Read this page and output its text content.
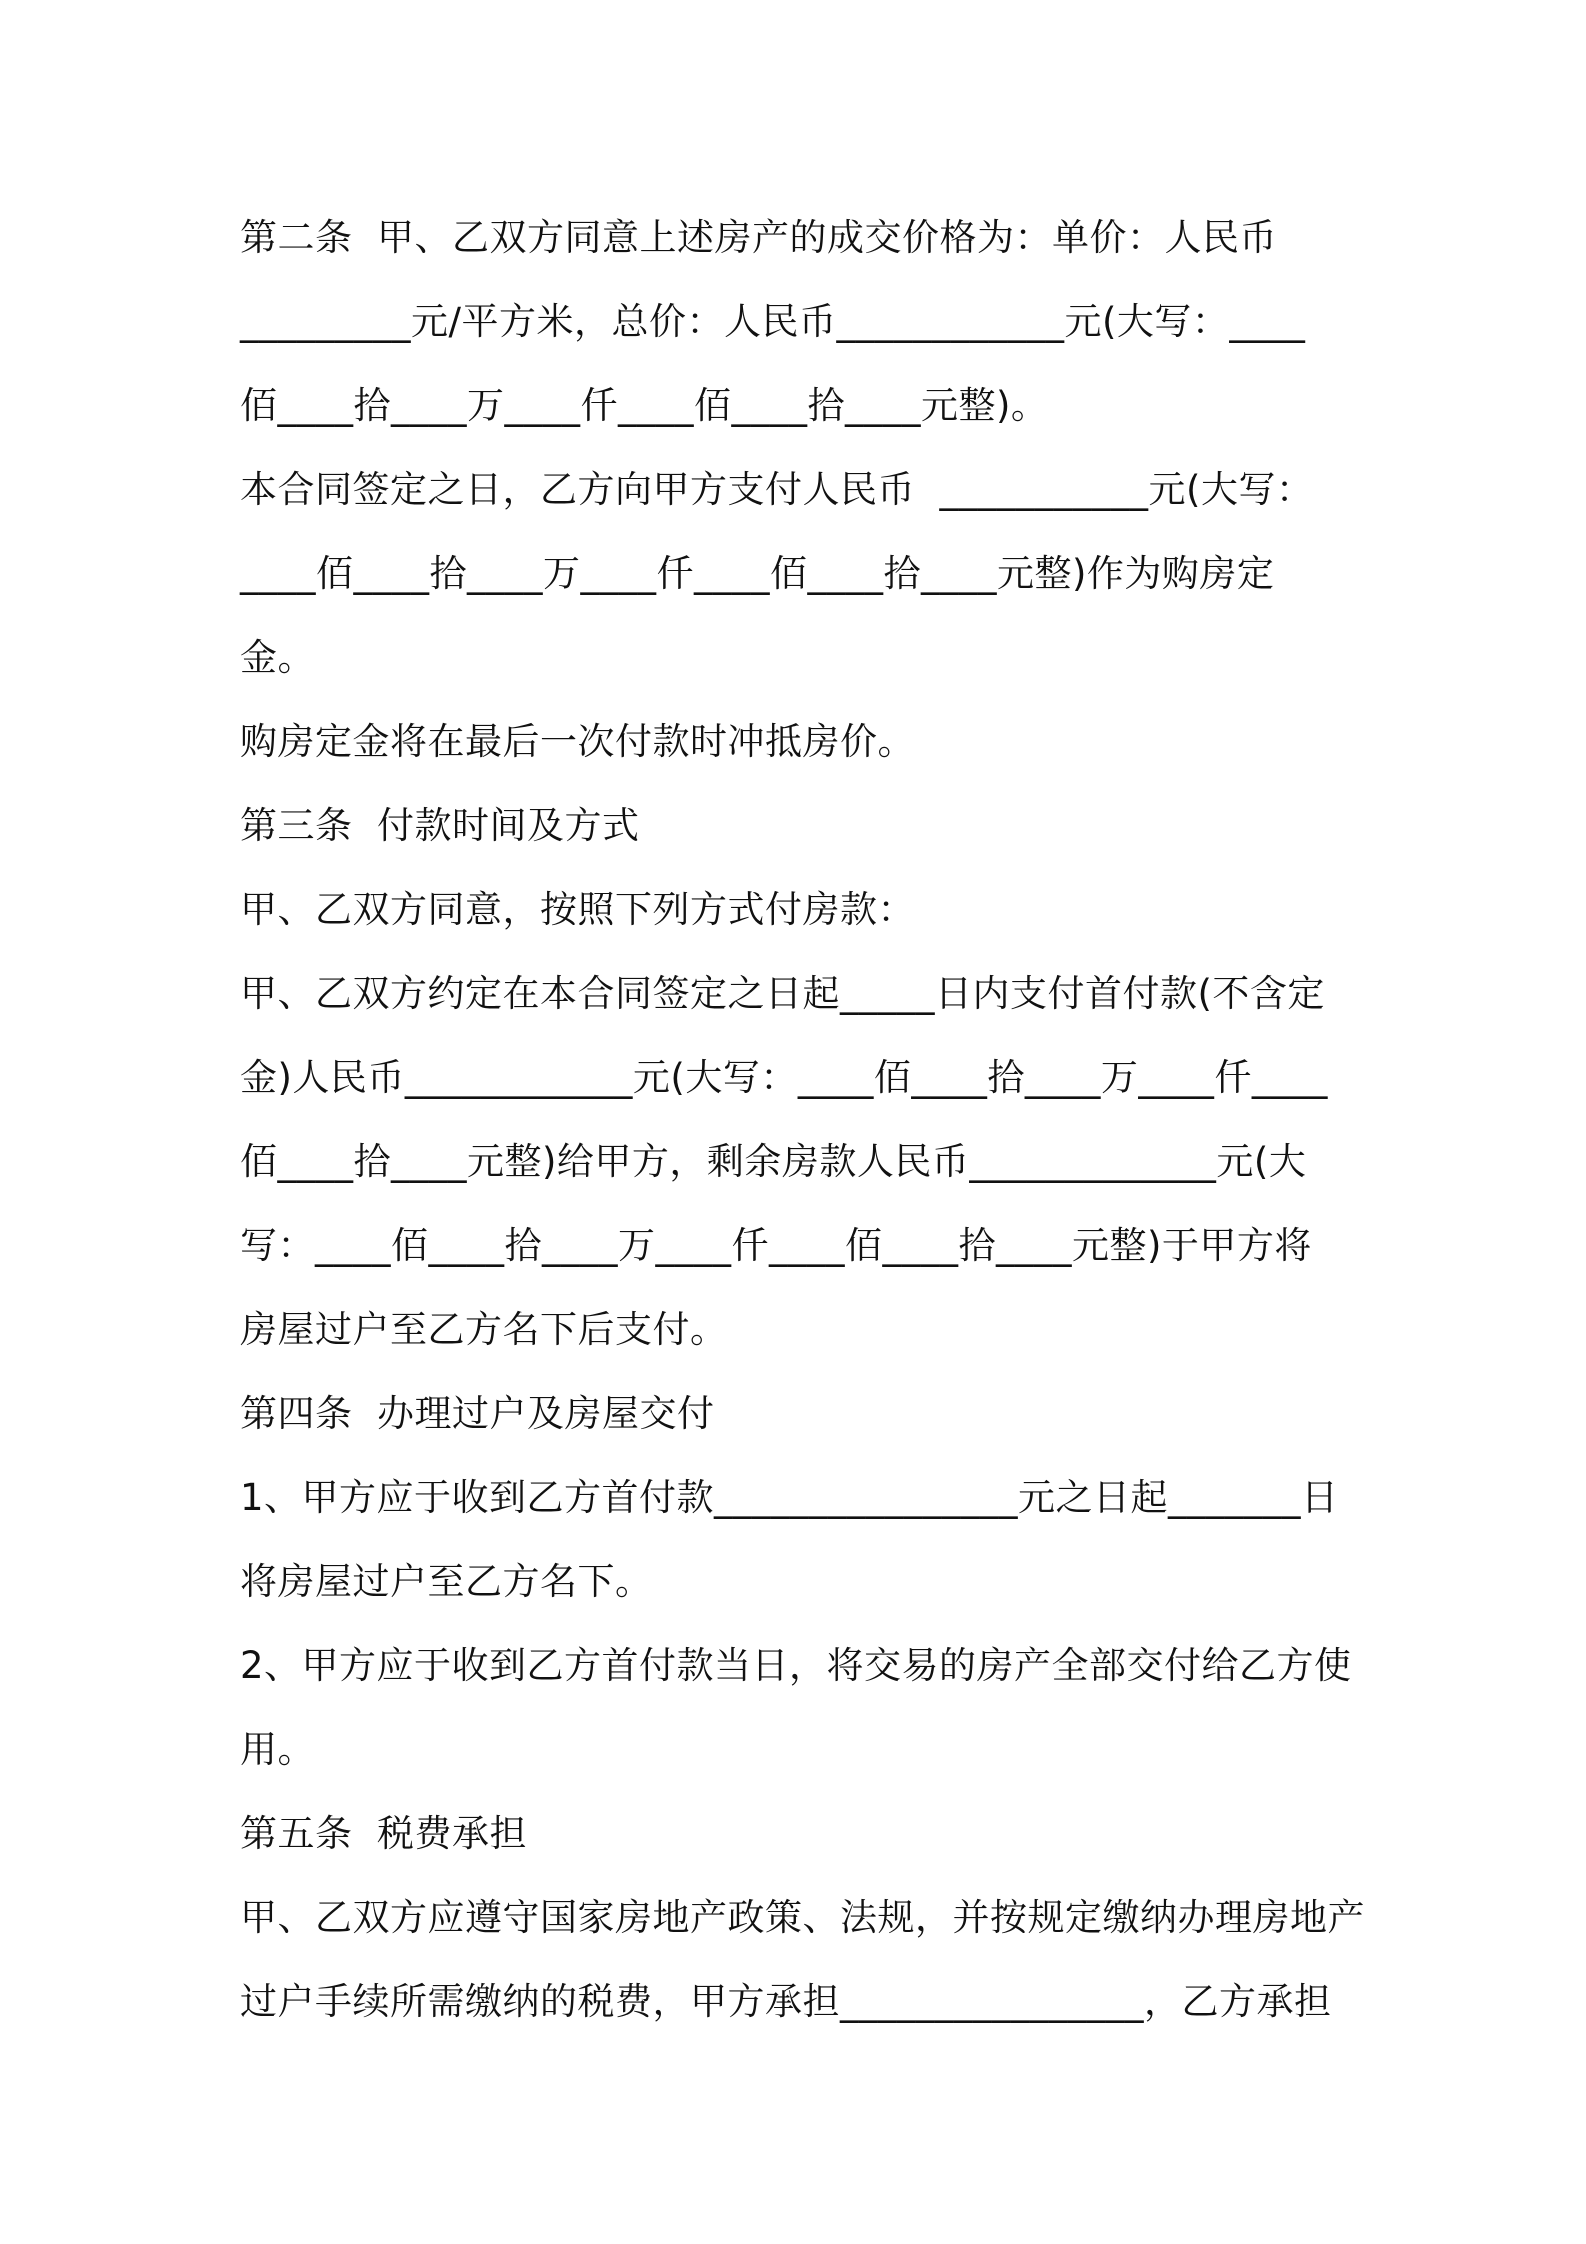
第二条  甲、乙双方同意上述房产的成交价格为：单价：人民币
_________元/平方米，总价：人民币____________元(大写：____
佰____拾____万____仟____佰____拾____元整)。
本合同签定之日，乙方向甲方支付人民币  ___________元(大写：
____佰____拾____万____仟____佰____拾____元整)作为购房定
金。
购房定金将在最后一次付款时冲抵房价。
第三条  付款时间及方式
甲、乙双方同意，按照下列方式付房款：
甲、乙双方约定在本合同签定之日起_____日内支付首付款(不含定
金)人民币____________元(大写：____佰____拾____万____仟____
佰____拾____元整)给甲方，剩余房款人民币_____________元(大
写：____佰____拾____万____仟____佰____拾____元整)于甲方将
房屋过户至乙方名下后支付。
第四条  办理过户及房屋交付
1、甲方应于收到乙方首付款________________元之日起_______日
将房屋过户至乙方名下。
2、甲方应于收到乙方首付款当日，将交易的房产全部交付给乙方使
用。
第五条  税费承担
甲、乙双方应遵守国家房地产政策、法规，并按规定缴纳办理房地产
过户手续所需缴纳的税费，甲方承担________________，乙方承担
